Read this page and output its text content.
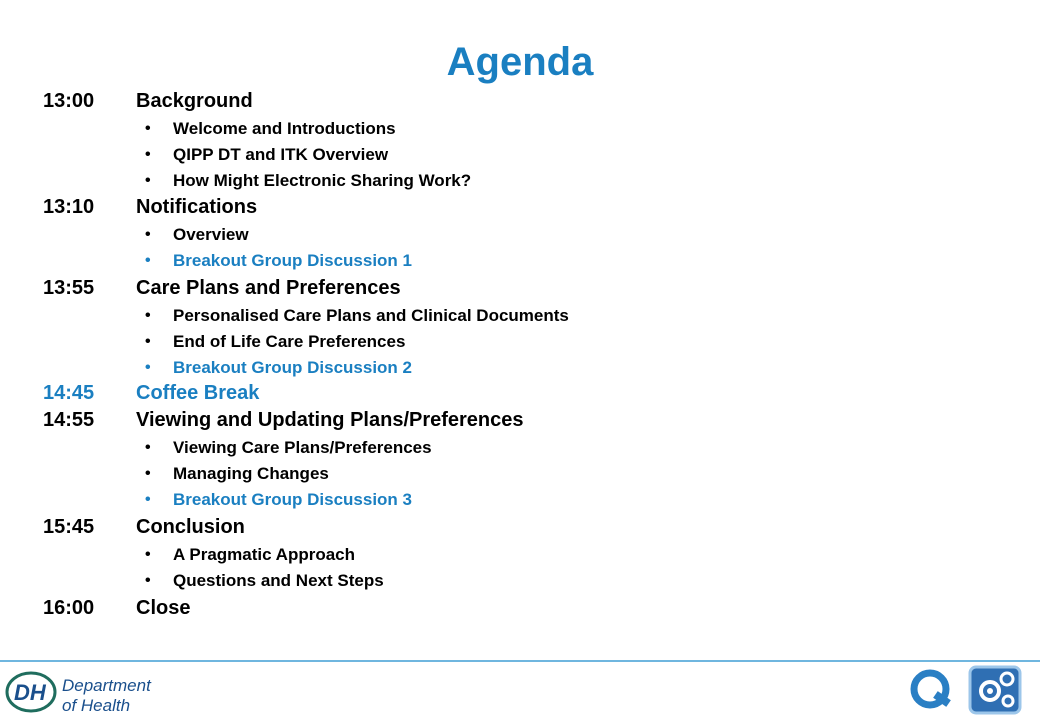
Agenda
13:00 Background
• Welcome and Introductions
• QIPP DT and ITK Overview
• How Might Electronic Sharing Work?
13:10 Notifications
• Overview
• Breakout Group Discussion 1
13:55 Care Plans and Preferences
• Personalised Care Plans and Clinical Documents
• End of Life Care Preferences
• Breakout Group Discussion 2
14:45 Coffee Break
14:55 Viewing and Updating Plans/Preferences
• Viewing Care Plans/Preferences
• Managing Changes
• Breakout Group Discussion 3
15:45 Conclusion
• A Pragmatic Approach
• Questions and Next Steps
16:00 Close
DH Department
of Health
